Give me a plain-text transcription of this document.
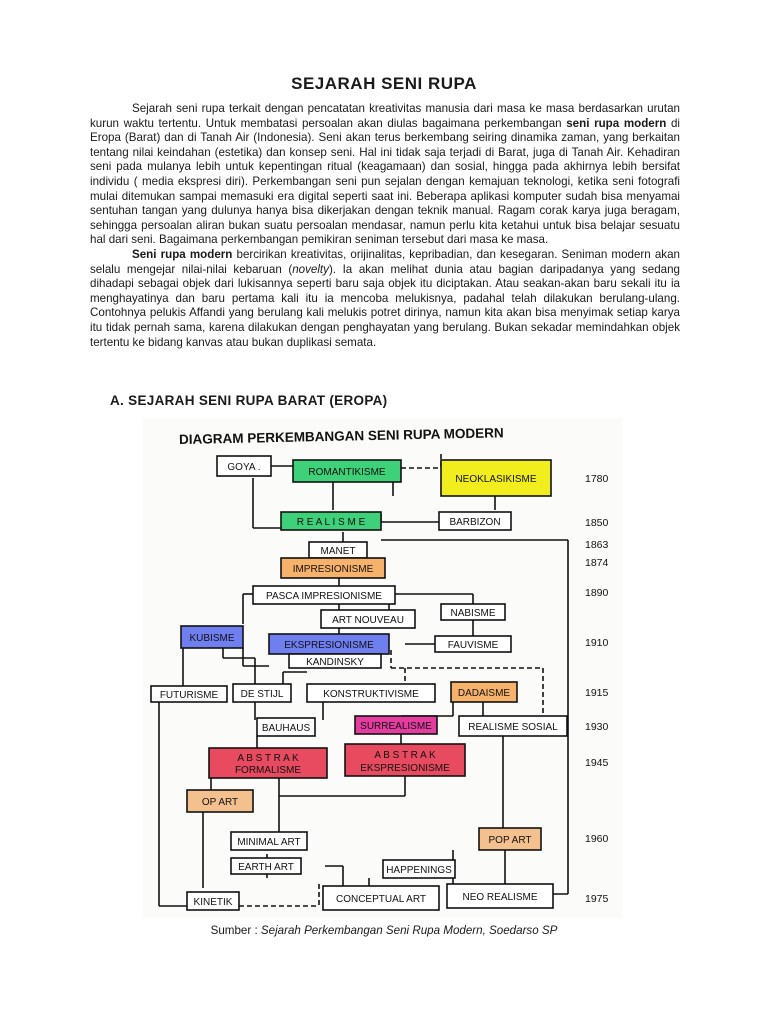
SEJARAH SENI RUPA

Sejarah seni rupa terkait dengan pencatatan kreativitas manusia dari masa ke masa berdasarkan urutan kurun waktu tertentu. Untuk membatasi persoalan akan diulas bagaimana perkembangan seni rupa modern di Eropa (Barat) dan di Tanah Air (Indonesia). Seni akan terus berkembang seiring dinamika zaman, yang berkaitan tentang nilai keindahan (estetika) dan konsep seni. Hal ini tidak saja terjadi di Barat, juga di Tanah Air. Kehadiran seni pada mulanya lebih untuk kepentingan ritual (keagamaan) dan sosial, hingga pada akhirnya lebih bersifat individu ( media ekspresi diri). Perkembangan seni pun sejalan dengan kemajuan teknologi, ketika seni fotografi mulai ditemukan sampai memasuki era digital seperti saat ini. Beberapa aplikasi komputer sudah bisa menyamai sentuhan tangan yang dulunya hanya bisa dikerjakan dengan teknik manual. Ragam corak karya juga beragam, sehingga persoalan aliran bukan suatu persoalan mendasar, namun perlu kita ketahui untuk bisa belajar sesuatu hal dari seni. Bagaimana perkembangan pemikiran seniman tersebut dari masa ke masa.

Seni rupa modern bercirikan kreativitas, orijinalitas, kepribadian, dan kesegaran. Seniman modern akan selalu mengejar nilai-nilai kebaruan (novelty). Ia akan melihat dunia atau bagian daripadanya yang sedang dihadapi sebagai objek dari lukisannya seperti baru saja objek itu diciptakan. Atau seakan-akan baru sekali itu ia menghayatinya dan baru pertama kali itu ia mencoba melukisnya, padahal telah dilakukan berulang-ulang. Contohnya pelukis Affandi yang berulang kali melukis potret dirinya, namun kita akan bisa menyimak setiap karya itu tidak pernah sama, karena dilakukan dengan penghayatan yang berulang. Bukan sekadar memindahkan objek tertentu ke bidang kanvas atau bukan duplikasi semata.

A. SEJARAH SENI RUPA BARAT (EROPA)
DIAGRAM PERKEMBANGAN SENI RUPA MODERN
GOYA .	ROMANTIKISME
NEOKLASIKISME
R E A L I S M E	BARBIZON
MANET
IMPRESIONISME
PASCA IMPRESIONISME
ART NOUVEAU
NABISME
KUBISME
EKSPRESIONISME	FAUVISME
KANDINSKY
FUTURISME DE STIJL	KONSTRUKTIVISME	DADAISME
BAUHAUS	SURREALISME	REALISME SOSIAL
A B S T R A K
FORMALISME
A B S T R A K
EKSPRESIONISME
OP ART
MINIMAL ART
EARTH ART
POP ART
HAPPENINGS
KINETIK	CONCEPTUAL ART	NEO REALISME
1780
1850
1863
1874
1890
1910
1915
1930
1945
1960
1975
Sumber : Sejarah Perkembangan Seni Rupa Modern, Soedarso SP
